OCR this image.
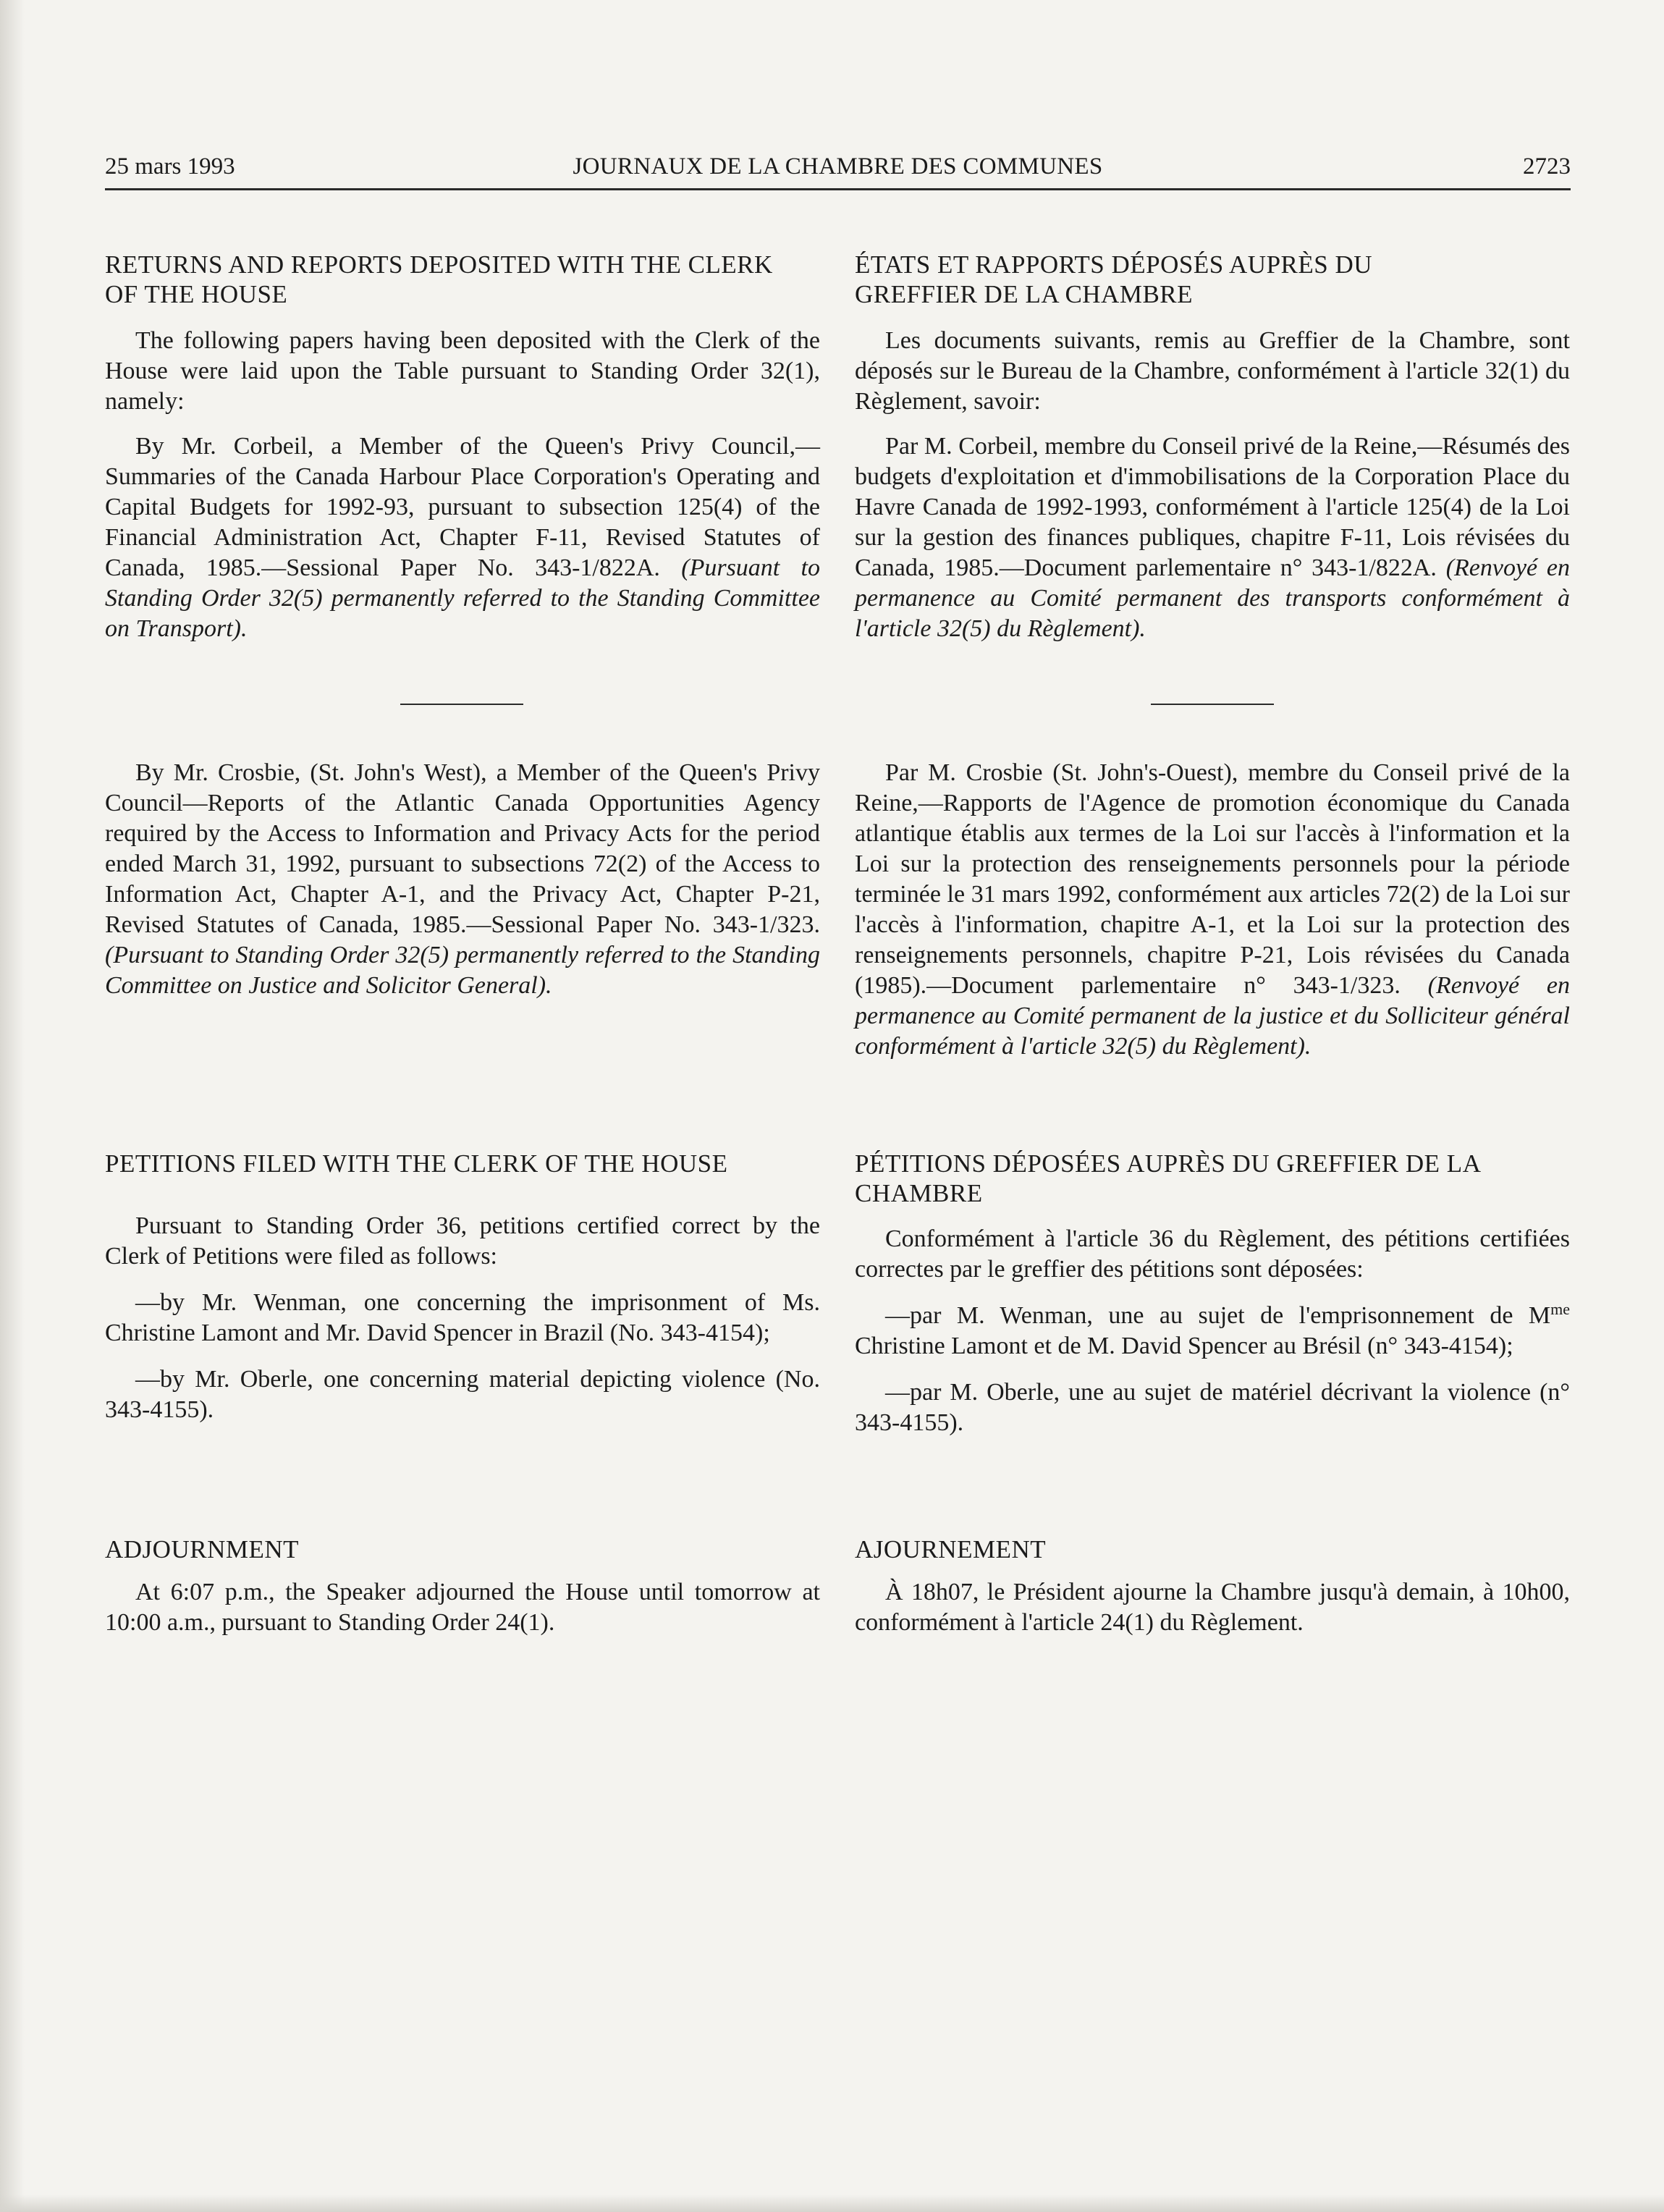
25 mars 1993	JOURNAUX DE LA CHAMBRE DES COMMUNES	2723
RETURNS AND REPORTS DEPOSITED WITH THE CLERK OF THE HOUSE

The following papers having been deposited with the Clerk of the House were laid upon the Table pursuant to Standing Order 32(1), namely:

By Mr. Corbeil, a Member of the Queen's Privy Council,—Summaries of the Canada Harbour Place Corporation's Operating and Capital Budgets for 1992-93, pursuant to subsection 125(4) of the Financial Administration Act, Chapter F-11, Revised Statutes of Canada, 1985.—Sessional Paper No. 343-1/822A. (Pursuant to Standing Order 32(5) permanently referred to the Standing Committee on Transport).

By Mr. Crosbie, (St. John's West), a Member of the Queen's Privy Council—Reports of the Atlantic Canada Opportunities Agency required by the Access to Information and Privacy Acts for the period ended March 31, 1992, pursuant to subsections 72(2) of the Access to Information Act, Chapter A-1, and the Privacy Act, Chapter P-21, Revised Statutes of Canada, 1985.—Sessional Paper No. 343-1/323. (Pursuant to Standing Order 32(5) permanently referred to the Standing Committee on Justice and Solicitor General).

PETITIONS FILED WITH THE CLERK OF THE HOUSE

Pursuant to Standing Order 36, petitions certified correct by the Clerk of Petitions were filed as follows:

—by Mr. Wenman, one concerning the imprisonment of Ms. Christine Lamont and Mr. David Spencer in Brazil (No. 343-4154);

—by Mr. Oberle, one concerning material depicting violence (No. 343-4155).

ADJOURNMENT

At 6:07 p.m., the Speaker adjourned the House until tomorrow at 10:00 a.m., pursuant to Standing Order 24(1).

ÉTATS ET RAPPORTS DÉPOSÉS AUPRÈS DU GREFFIER DE LA CHAMBRE

Les documents suivants, remis au Greffier de la Chambre, sont déposés sur le Bureau de la Chambre, conformément à l'article 32(1) du Règlement, savoir:

Par M. Corbeil, membre du Conseil privé de la Reine,—Résumés des budgets d'exploitation et d'immobilisations de la Corporation Place du Havre Canada de 1992-1993, conformément à l'article 125(4) de la Loi sur la gestion des finances publiques, chapitre F-11, Lois révisées du Canada, 1985.—Document parlementaire n° 343-1/822A. (Renvoyé en permanence au Comité permanent des transports conformément à l'article 32(5) du Règlement).

Par M. Crosbie (St. John's-Ouest), membre du Conseil privé de la Reine,—Rapports de l'Agence de promotion économique du Canada atlantique établis aux termes de la Loi sur l'accès à l'information et la Loi sur la protection des renseignements personnels pour la période terminée le 31 mars 1992, conformément aux articles 72(2) de la Loi sur l'accès à l'information, chapitre A-1, et la Loi sur la protection des renseignements personnels, chapitre P-21, Lois révisées du Canada (1985).—Document parlementaire n° 343-1/323. (Renvoyé en permanence au Comité permanent de la justice et du Solliciteur général conformément à l'article 32(5) du Règlement).

PÉTITIONS DÉPOSÉES AUPRÈS DU GREFFIER DE LA CHAMBRE

Conformément à l'article 36 du Règlement, des pétitions certifiées correctes par le greffier des pétitions sont déposées:

—par M. Wenman, une au sujet de l'emprisonnement de $M^{me}$ Christine Lamont et de M. David Spencer au Brésil (n° 343-4154);

—par M. Oberle, une au sujet de matériel décrivant la violence (n° 343-4155).

AJOURNEMENT

À 18h07, le Président ajourne la Chambre jusqu'à demain, à 10h00, conformément à l'article 24(1) du Règlement.
